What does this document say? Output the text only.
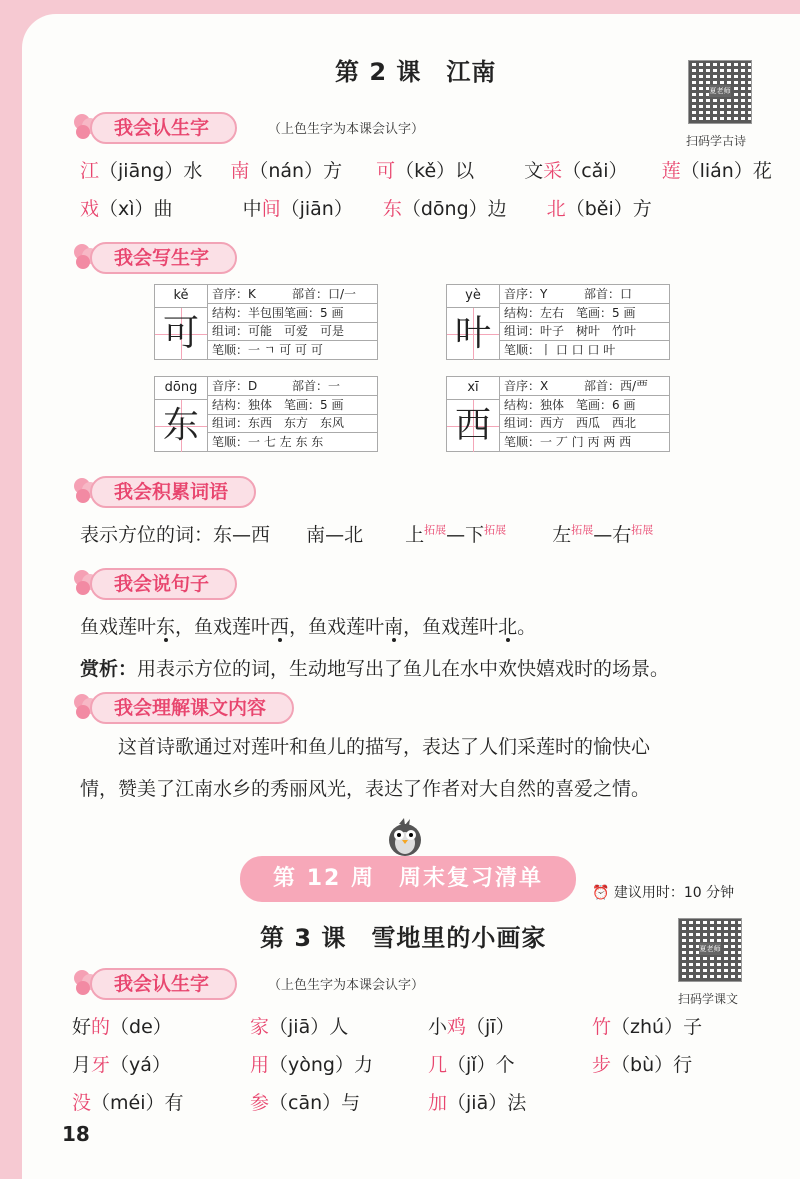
第 2 课　江南
夏老师
扫码学古诗
我会认生字	（上色生字为本课会认字）
江（jiāng）水 南（nán）方 可（kě）以	文采（cǎi） 莲（lián）花
戏（xì）曲	中间（jiān） 东（dōng）边 北（běi）方
我会写生字
kě
可
音序：K	部首：口/一
结构：半包围 笔画：5 画
组词：可能　可爱　可是
笔顺：一 ㄱ 可 可 可
yè
叶
音序：Y	部首：口
结构：左右 笔画：5 画
组词：叶子　树叶　竹叶
笔顺：丨 口 口 口 叶
dōng
东
音序：D	部首：一
结构：独体 笔画：5 画
组词：东西　东方　东风
笔顺：一 七 左 东 东
xī
西
音序：X	部首：西/覀
结构：独体 笔画：6 画
组词：西方　西瓜　西北
笔顺：一 丆 门 丙 两 西
我会积累词语
表示方位的词：东—西 南—北 上$^{拓展}$—下$^{拓展}$ 左$^{拓展}$—右$^{拓展}$
我会说句子
鱼戏莲叶东，鱼戏莲叶西，鱼戏莲叶南，鱼戏莲叶北。
赏析：用表示方位的词，生动地写出了鱼儿在水中欢快嬉戏时的场景。
我会理解课文内容
这首诗歌通过对莲叶和鱼儿的描写，表达了人们采莲时的愉快心
情，赞美了江南水乡的秀丽风光，表达了作者对大自然的喜爱之情。
第 12 周　周末复习清单
⏰ 建议用时：10 分钟
第 3 课　雪地里的小画家	夏老师
扫码学课文
我会认生字	（上色生字为本课会认字）
好的（de）	家（jiā）人	小鸡（jī）	竹（zhú）子
月牙（yá）	用（yòng）力	几（jǐ）个	步（bù）行
没（méi）有	参（cān）与	加（jiā）法
18
